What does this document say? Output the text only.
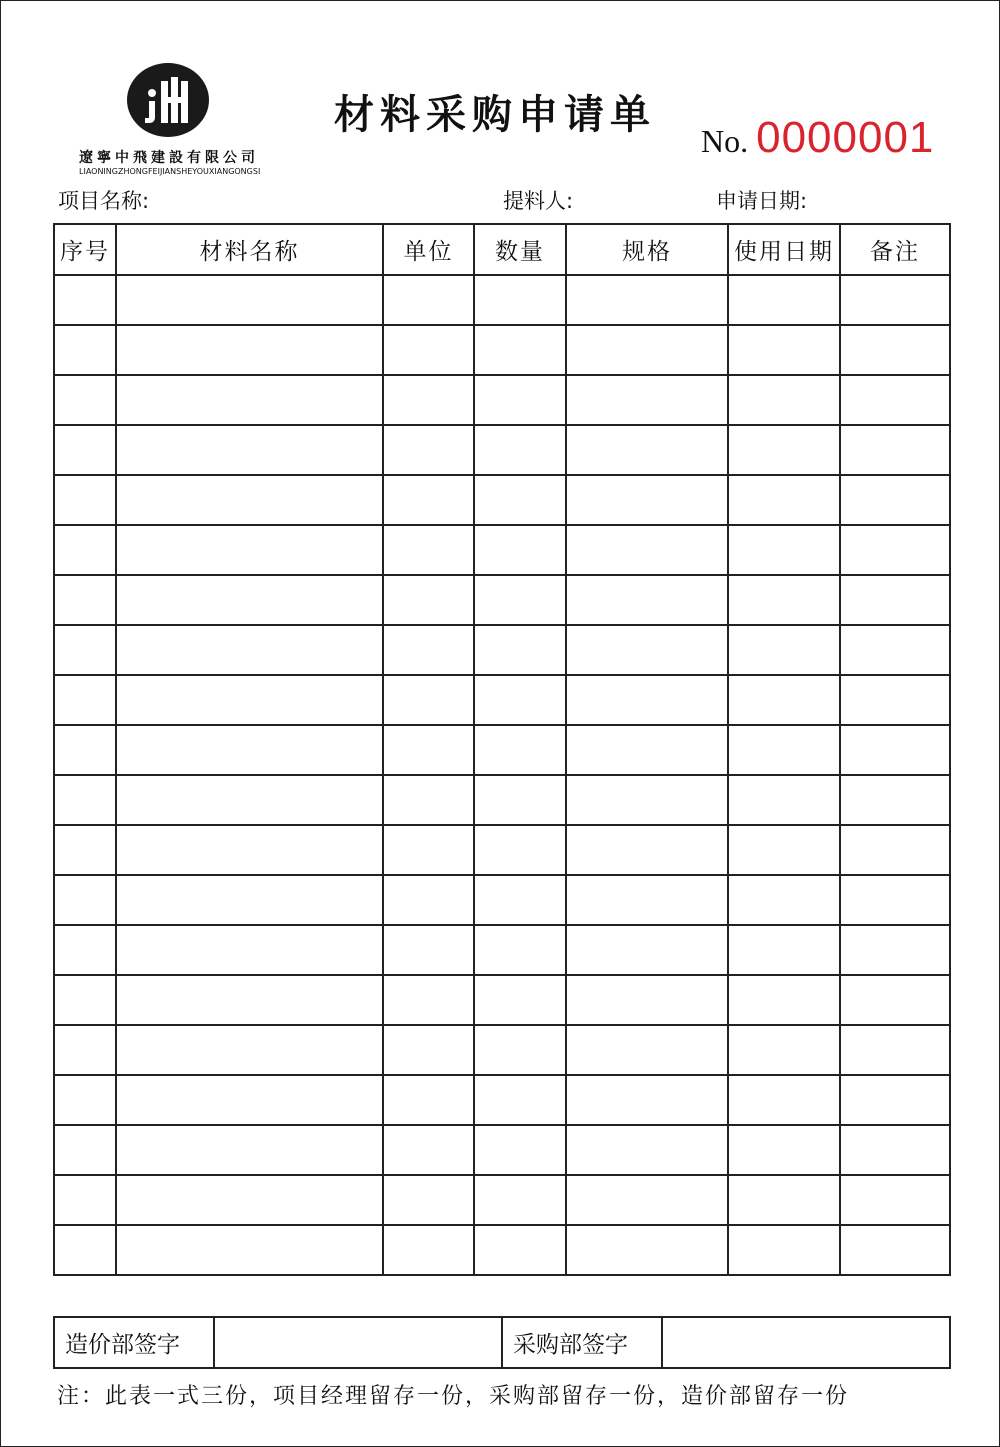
遼寧中飛建設有限公司
LIAONINGZHONGFEIJIANSHEYOUXIANGONGSI
材料采购申请单
No. 0000001
项目名称:	提料人:	申请日期:
序号	材料名称	单位	数量	规格	使用日期	备注

造价部签字		采购部签字	
注：此表一式三份，项目经理留存一份，采购部留存一份，造价部留存一份
